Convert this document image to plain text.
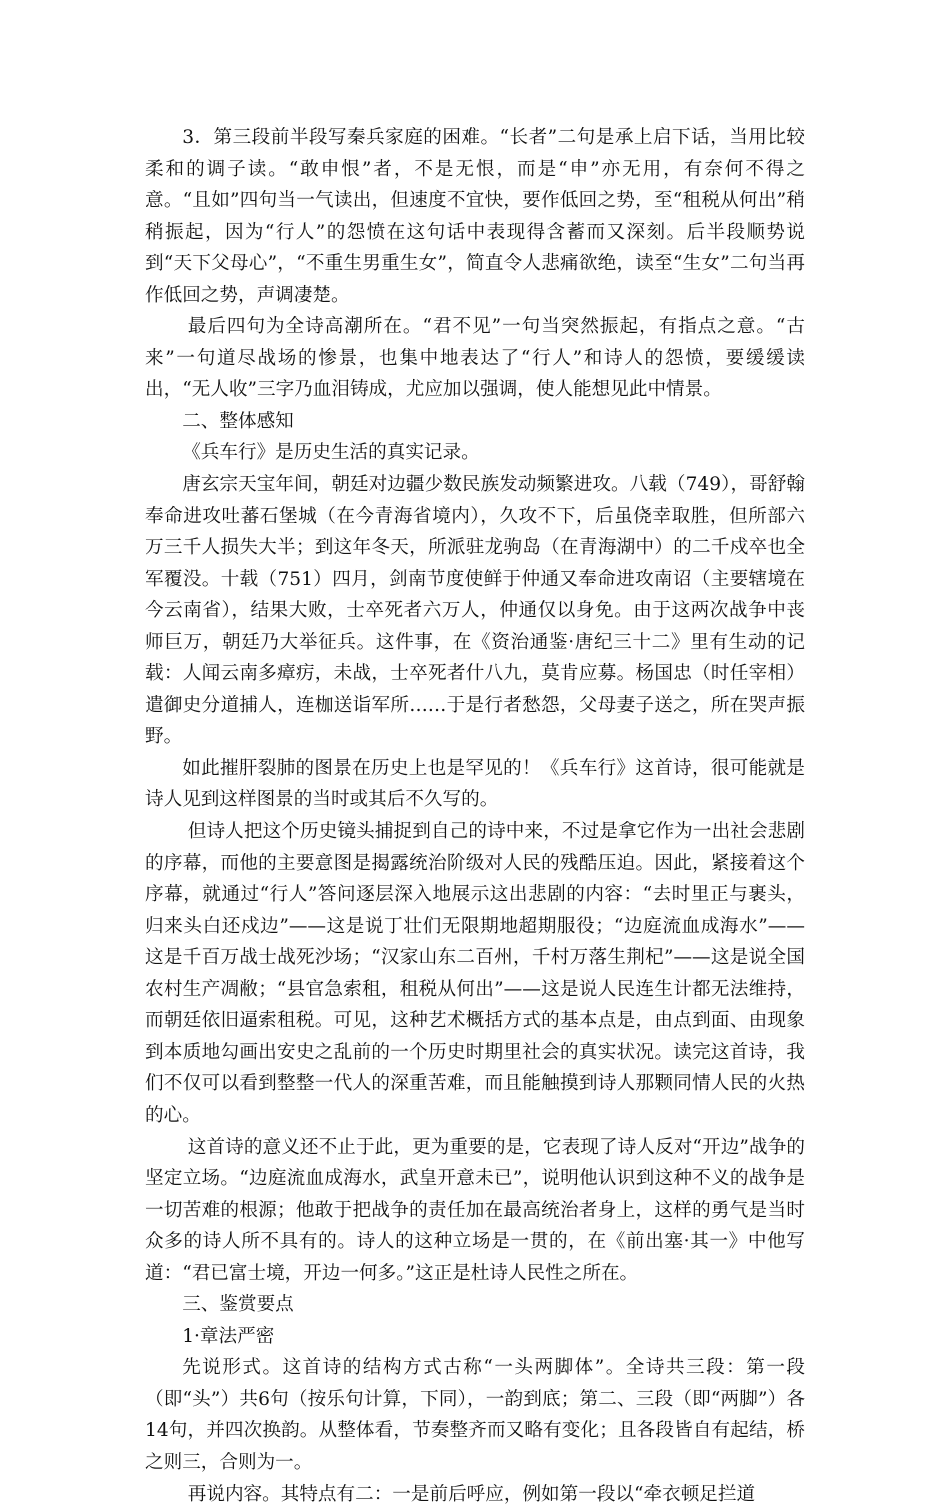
3．第三段前半段写秦兵家庭的困难。“长者”二句是承上启下话，当用比较柔和的调子读。“敢申恨”者，不是无恨，而是“申”亦无用，有奈何不得之意。“且如”四句当一气读出，但速度不宜快，要作低回之势，至“租税从何出”稍稍振起，因为“行人”的怨愤在这句话中表现得含蓄而又深刻。后半段顺势说到“天下父母心”，“不重生男重生女”，简直令人悲痛欲绝，读至“生女”二句当再作低回之势，声调凄楚。

最后四句为全诗高潮所在。“君不见”一句当突然振起，有指点之意。“古来”一句道尽战场的惨景，也集中地表达了“行人”和诗人的怨愤，要缓缓读出，“无人收”三字乃血泪铸成，尤应加以强调，使人能想见此中情景。

二、整体感知

《兵车行》是历史生活的真实记录。

唐玄宗天宝年间，朝廷对边疆少数民族发动频繁进攻。八载（749），哥舒翰奉命进攻吐蕃石堡城（在今青海省境内），久攻不下，后虽侥幸取胜，但所部六万三千人损失大半；到这年冬天，所派驻龙驹岛（在青海湖中）的二千戍卒也全军覆没。十载（751）四月，剑南节度使鲜于仲通又奉命进攻南诏（主要辖境在今云南省），结果大败，士卒死者六万人，仲通仅以身免。由于这两次战争中丧师巨万，朝廷乃大举征兵。这件事，在《资治通鉴·唐纪三十二》里有生动的记载：人闻云南多瘴疠，未战，士卒死者什八九，莫肯应募。杨国忠（时任宰相）遣御史分道捕人，连枷送诣军所……于是行者愁怨，父母妻子送之，所在哭声振野。

如此摧肝裂肺的图景在历史上也是罕见的！《兵车行》这首诗，很可能就是诗人见到这样图景的当时或其后不久写的。

但诗人把这个历史镜头捕捉到自己的诗中来，不过是拿它作为一出社会悲剧的序幕，而他的主要意图是揭露统治阶级对人民的残酷压迫。因此，紧接着这个序幕，就通过“行人”答问逐层深入地展示这出悲剧的内容：“去时里正与裹头，归来头白还戍边”——这是说丁壮们无限期地超期服役；“边庭流血成海水”——这是千百万战士战死沙场；“汉家山东二百州，千村万落生荆杞”——这是说全国农村生产凋敝；“县官急索租，租税从何出”——这是说人民连生计都无法维持，而朝廷依旧逼索租税。可见，这种艺术概括方式的基本点是，由点到面、由现象到本质地勾画出安史之乱前的一个历史时期里社会的真实状况。读完这首诗，我们不仅可以看到整整一代人的深重苦难，而且能触摸到诗人那颗同情人民的火热的心。

这首诗的意义还不止于此，更为重要的是，它表现了诗人反对“开边”战争的坚定立场。“边庭流血成海水，武皇开意未已”，说明他认识到这种不义的战争是一切苦难的根源；他敢于把战争的责任加在最高统治者身上，这样的勇气是当时众多的诗人所不具有的。诗人的这种立场是一贯的，在《前出塞·其一》中他写道：“君已富士境，开边一何多。”这正是杜诗人民性之所在。

三、鉴赏要点

1·章法严密

先说形式。这首诗的结构方式古称“一头两脚体”。全诗共三段：第一段（即“头”）共6句（按乐句计算，下同），一韵到底；第二、三段（即“两脚”）各　14句，并四次换韵。从整体看，节奏整齐而又略有变化；且各段皆自有起结，桥之则三，合则为一。

再说内容。其特点有二：一是前后呼应，例如第一段以“牵衣顿足拦道
